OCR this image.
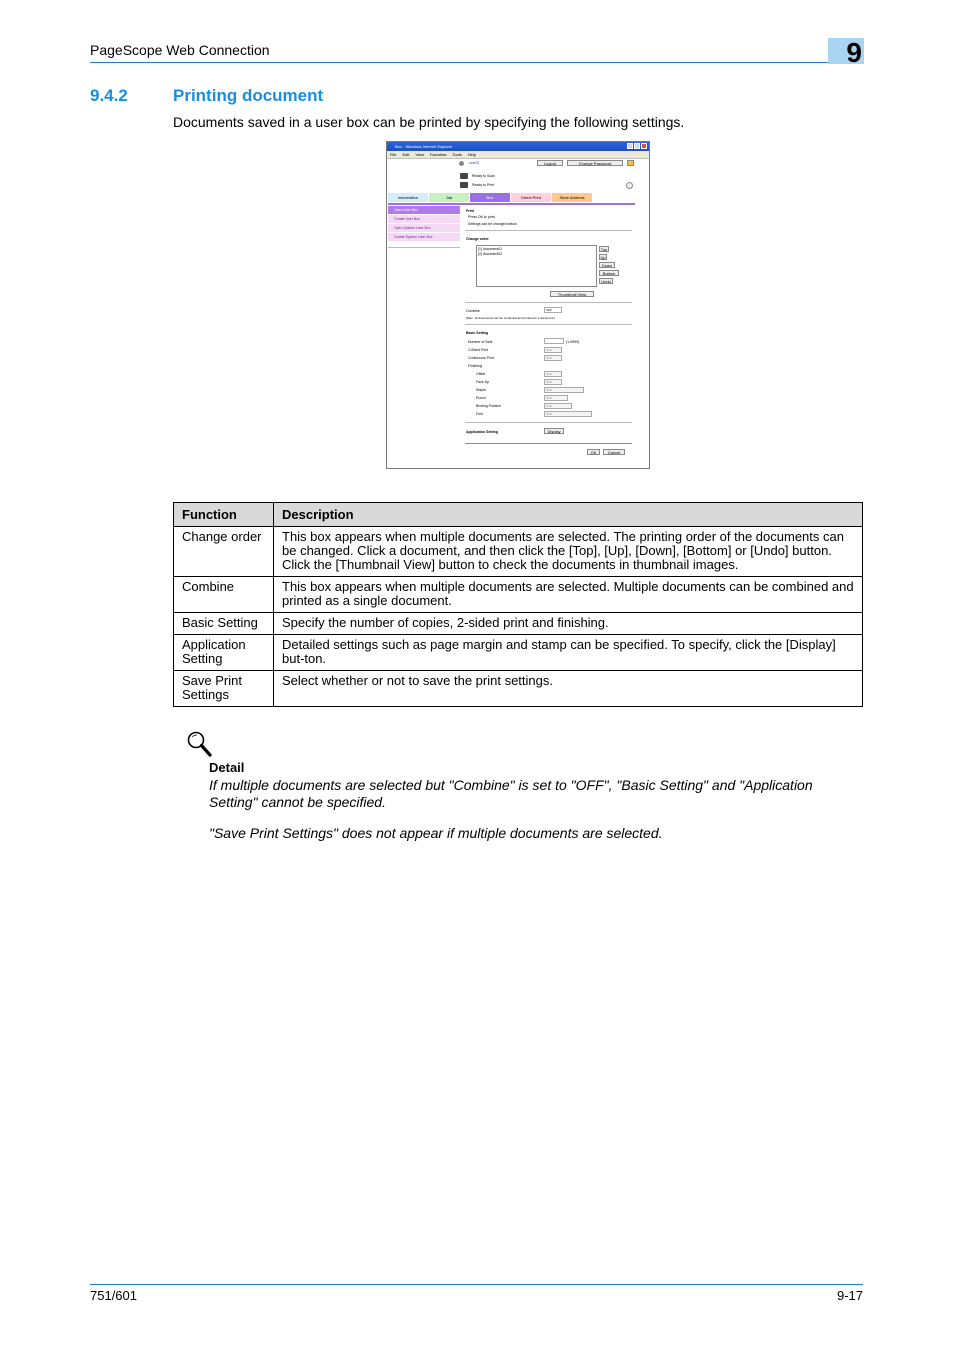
PageScope Web Connection	9
9.4.2	Printing document
Documents saved in a user box can be printed by specifying the following settings.
Box - Windows Internet Explorer
File Edit View Favorites Tools Help
user01	Logout	Change Password
Ready to Scan
Ready to Print
Information	Job	Box	Direct Print	Store Address
Open User Box
Create User Box
Open System User Box
Create System User Box
Print
Press OK to print.
Settings can be changed below.
Change order
[1] document01
[2] document02
Top
Up
Down
Bottom
Undo
Thumbnail View
Combine	OFF
(Max. 10 documents can be combined and printed as 1 document.)
Basic Setting
Number of Sets	(1-9999)
2-Sided Print	OFF
Continuous Print	OFF
Finishing
Offset	OFF
Face Up	OFF
Staple	OFF
Punch	OFF
Binding Position	Auto
Fold	OFF
Application Setting	Display
OK	Cancel
Function	Description
Change order	This box appears when multiple documents are selected. The printing order of the documents can be changed. Click a document, and then click the [Top], [Up], [Down], [Bottom] or [Undo] button. Click the [Thumbnail View] button to check the documents in thumbnail images.
Combine	This box appears when multiple documents are selected. Multiple documents can be combined and printed as a single document.
Basic Setting	Specify the number of copies, 2-sided print and finishing.
Application Setting	Detailed settings such as page margin and stamp can be specified. To specify, click the [Display] but-ton.
Save Print Settings	Select whether or not to save the print settings.
Detail
If multiple documents are selected but "Combine" is set to "OFF", "Basic Setting" and "Application Setting" cannot be specified.
"Save Print Settings" does not appear if multiple documents are selected.
751/601	9-17
